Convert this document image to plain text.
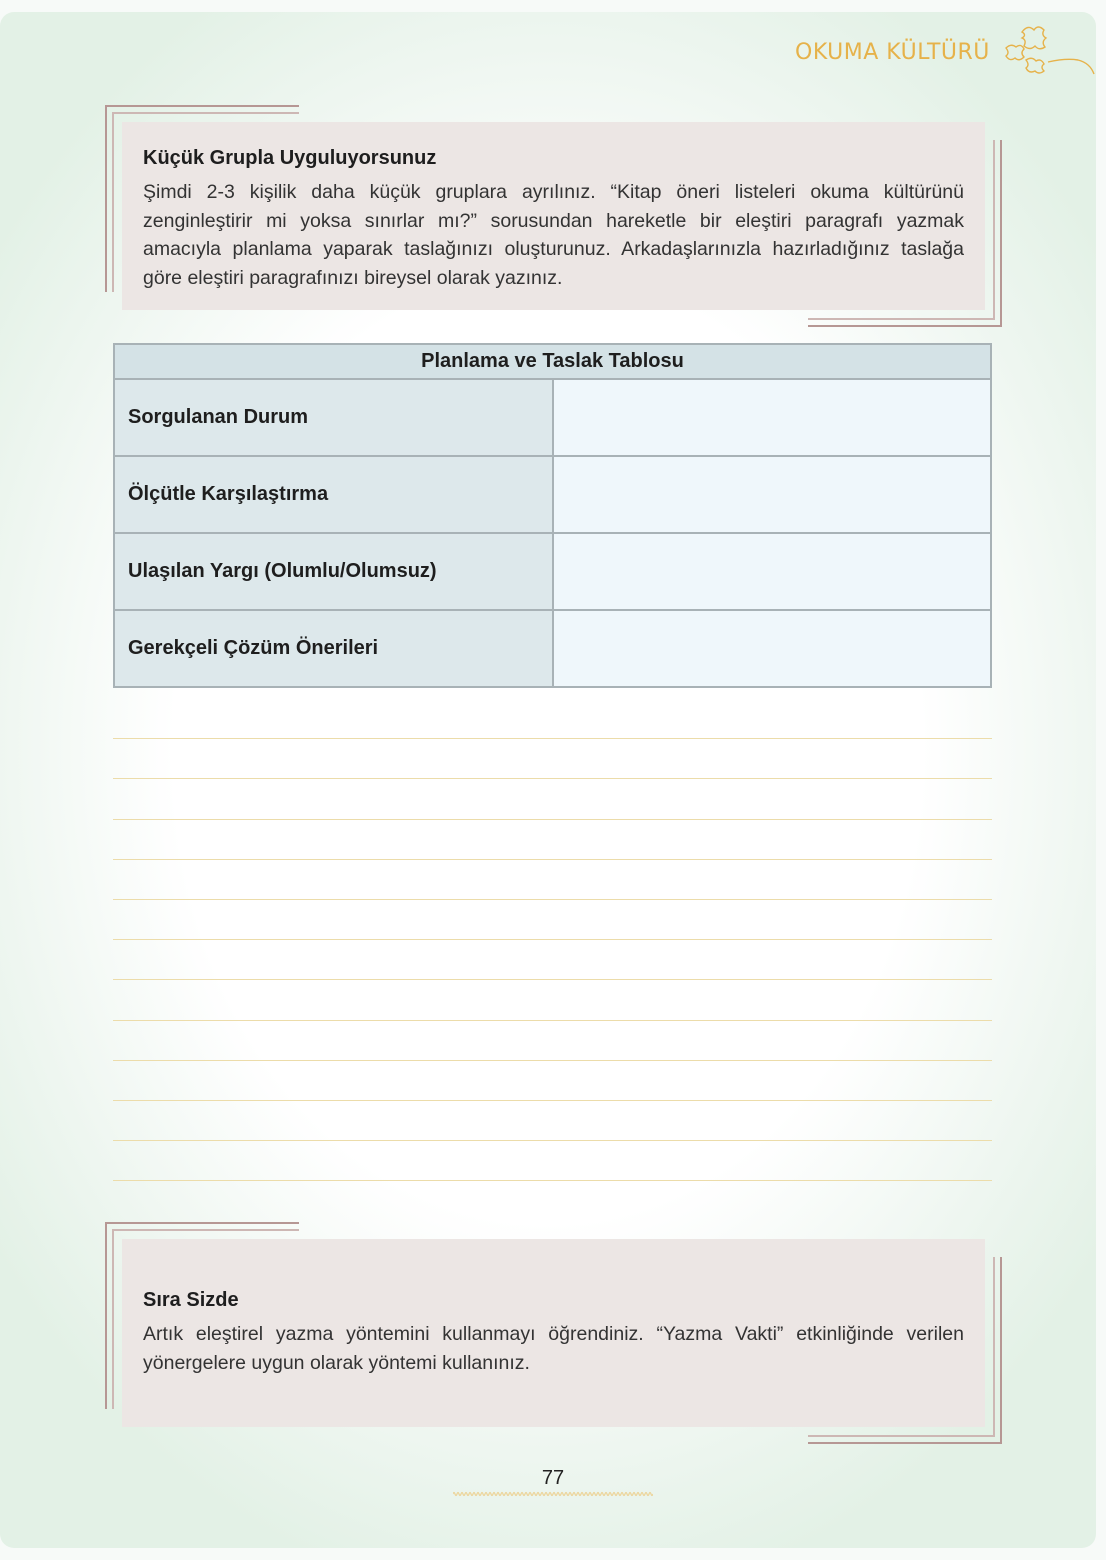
OKUMA KÜLTÜRÜ

Küçük Grupla Uyguluyorsunuz

Şimdi 2-3 kişilik daha küçük gruplara ayrılınız. “Kitap öneri listeleri okuma kültürünü zenginleştirir mi yoksa sınırlar mı?” sorusundan hareketle bir eleştiri paragrafı yazmak amacıyla planlama yaparak taslağınızı oluşturunuz. Arkadaşlarınızla hazırladığınız taslağa göre eleştiri paragrafınızı bireysel olarak yazınız.

Planlama ve Taslak Tablosu	
Sorgulanan Durum	
Ölçütle Karşılaştırma	
Ulaşılan Yargı (Olumlu/Olumsuz)	
Gerekçeli Çözüm Önerileri	

Sıra Sizde

Artık eleştirel yazma yöntemini kullanmayı öğrendiniz. “Yazma Vakti” etkinliğinde verilen yönergelere uygun olarak yöntemi kullanınız.

77
